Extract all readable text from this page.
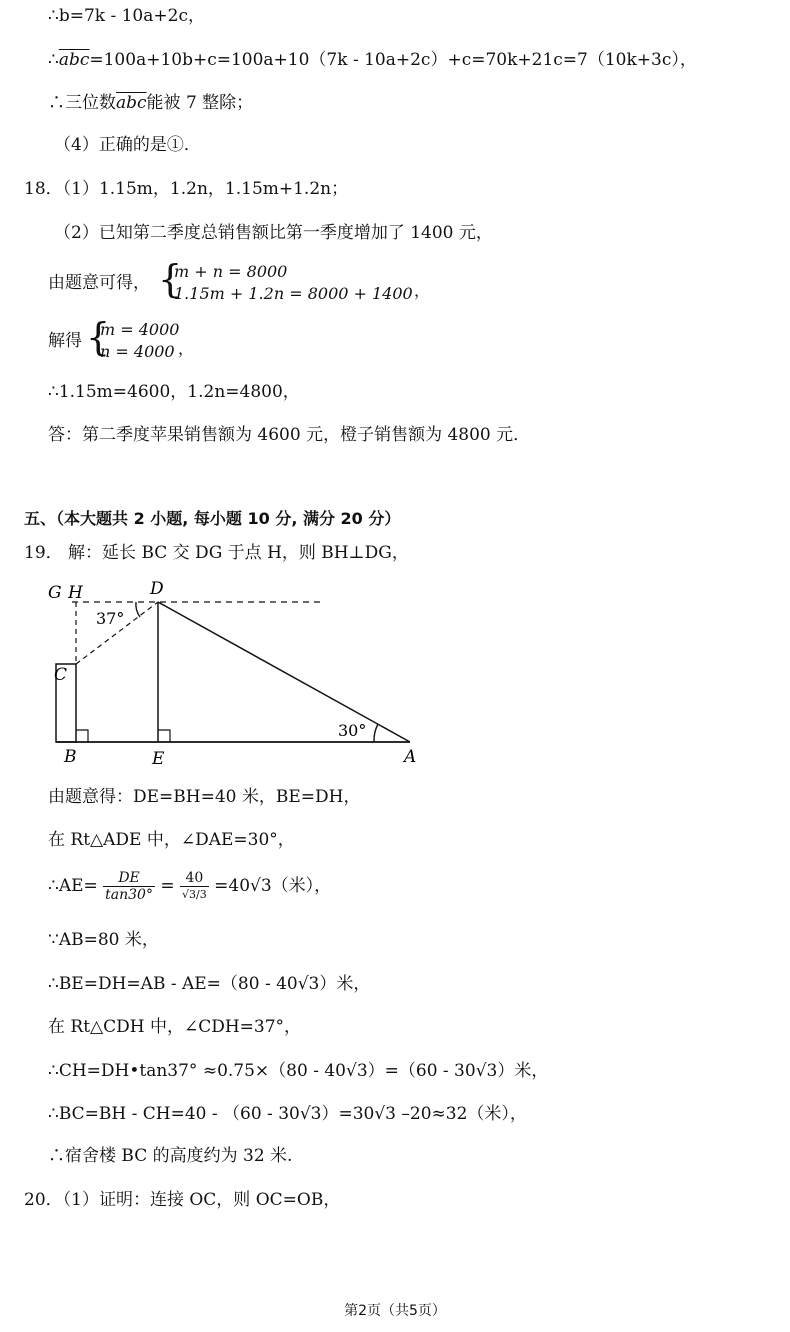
∴b=7k - 10a+2c，
$\therefore\overline{abc}=100a+10b+c=100a+10(7k - 10a+2c)+c=70k+21c=7(10k+3c)$，
∴三位数$\overline{abc}$能被 7 整除；
（4）正确的是①．
18．（1）1.15m，1.2n，1.15m+1.2n；
（2）已知第二季度总销售额比第一季度增加了 1400 元，
由题意可得， {
m + n = 8000
1.15m + 1.2n = 8000 + 1400 ，
解得 {
m = 4000
n = 4000 ，
∴1.15m=4600，1.2n=4800，
答：第二季度苹果销售额为 4600 元，橙子销售额为 4800 元．
五、（本大题共 2 小题, 每小题 10 分, 满分 20 分）
19． 解：延长 BC 交 DG 于点 H，则 BH⊥DG，
G H	D
37°
C
30°
B	E	A
由题意得：DE=BH=40 米，BE=DH，
在 Rt△ADE 中，∠DAE=30°，
∴AE= $\frac{DE}{\tan 30^\circ} = \frac{40}{√3/3} =40√3$（米），
∵AB=80 米，
∴BE=DH=AB - AE=（80 - 40√3）米，
在 Rt△CDH 中，∠CDH=37°，
∴CH=DH•tan37° ≈0.75×（80 - 40√3）=（60 - 30√3）米，
∴BC=BH - CH=40 - （60 - 30√3）=30√3 –20≈32（米），
∴宿舍楼 BC 的高度约为 32 米.
20．（1）证明：连接 OC，则 OC=OB，
第2页（共5页）
